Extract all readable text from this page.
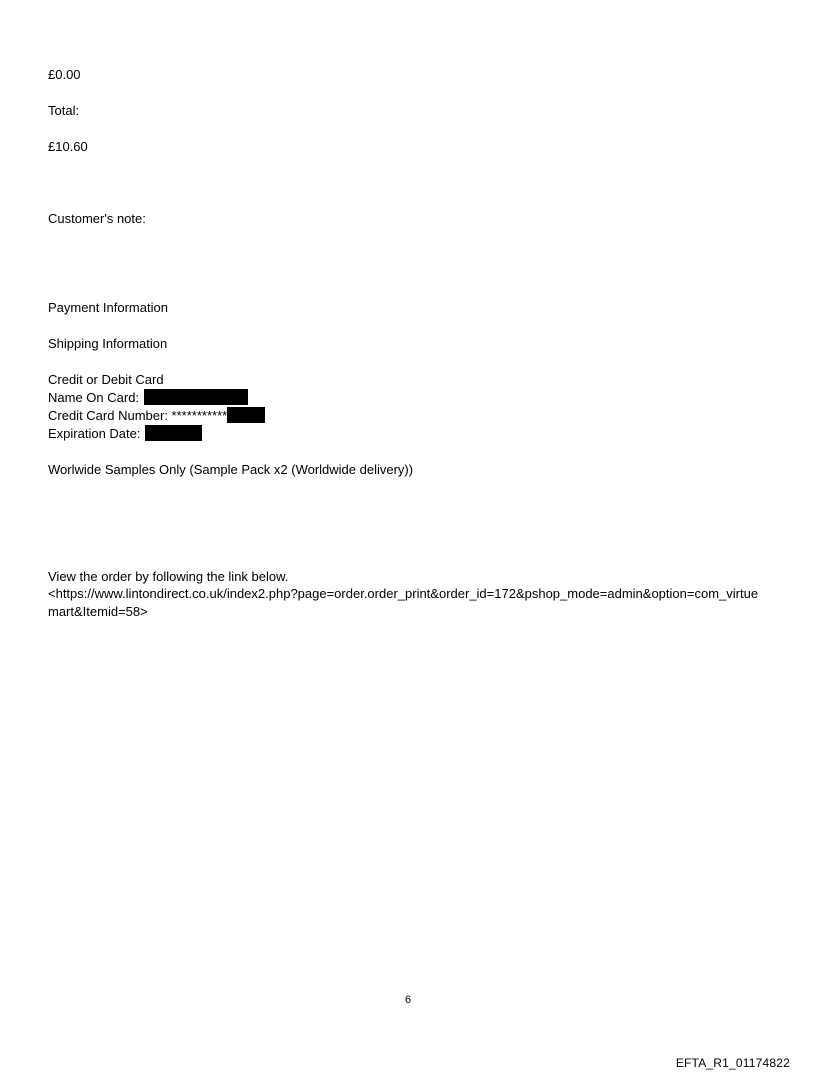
£0.00
Total:
£10.60
Customer's note:
Payment Information
Shipping Information
Credit or Debit Card
Name On Card:
Credit Card Number: ***********
Expiration Date:
Worlwide Samples Only (Sample Pack x2 (Worldwide delivery))
View the order by following the link below.
<https://www.lintondirect.co.uk/index2.php?page=order.order_print&order_id=172&pshop_mode=admin&option=com_virtuemart&Itemid=58>
6
EFTA_R1_01174822
